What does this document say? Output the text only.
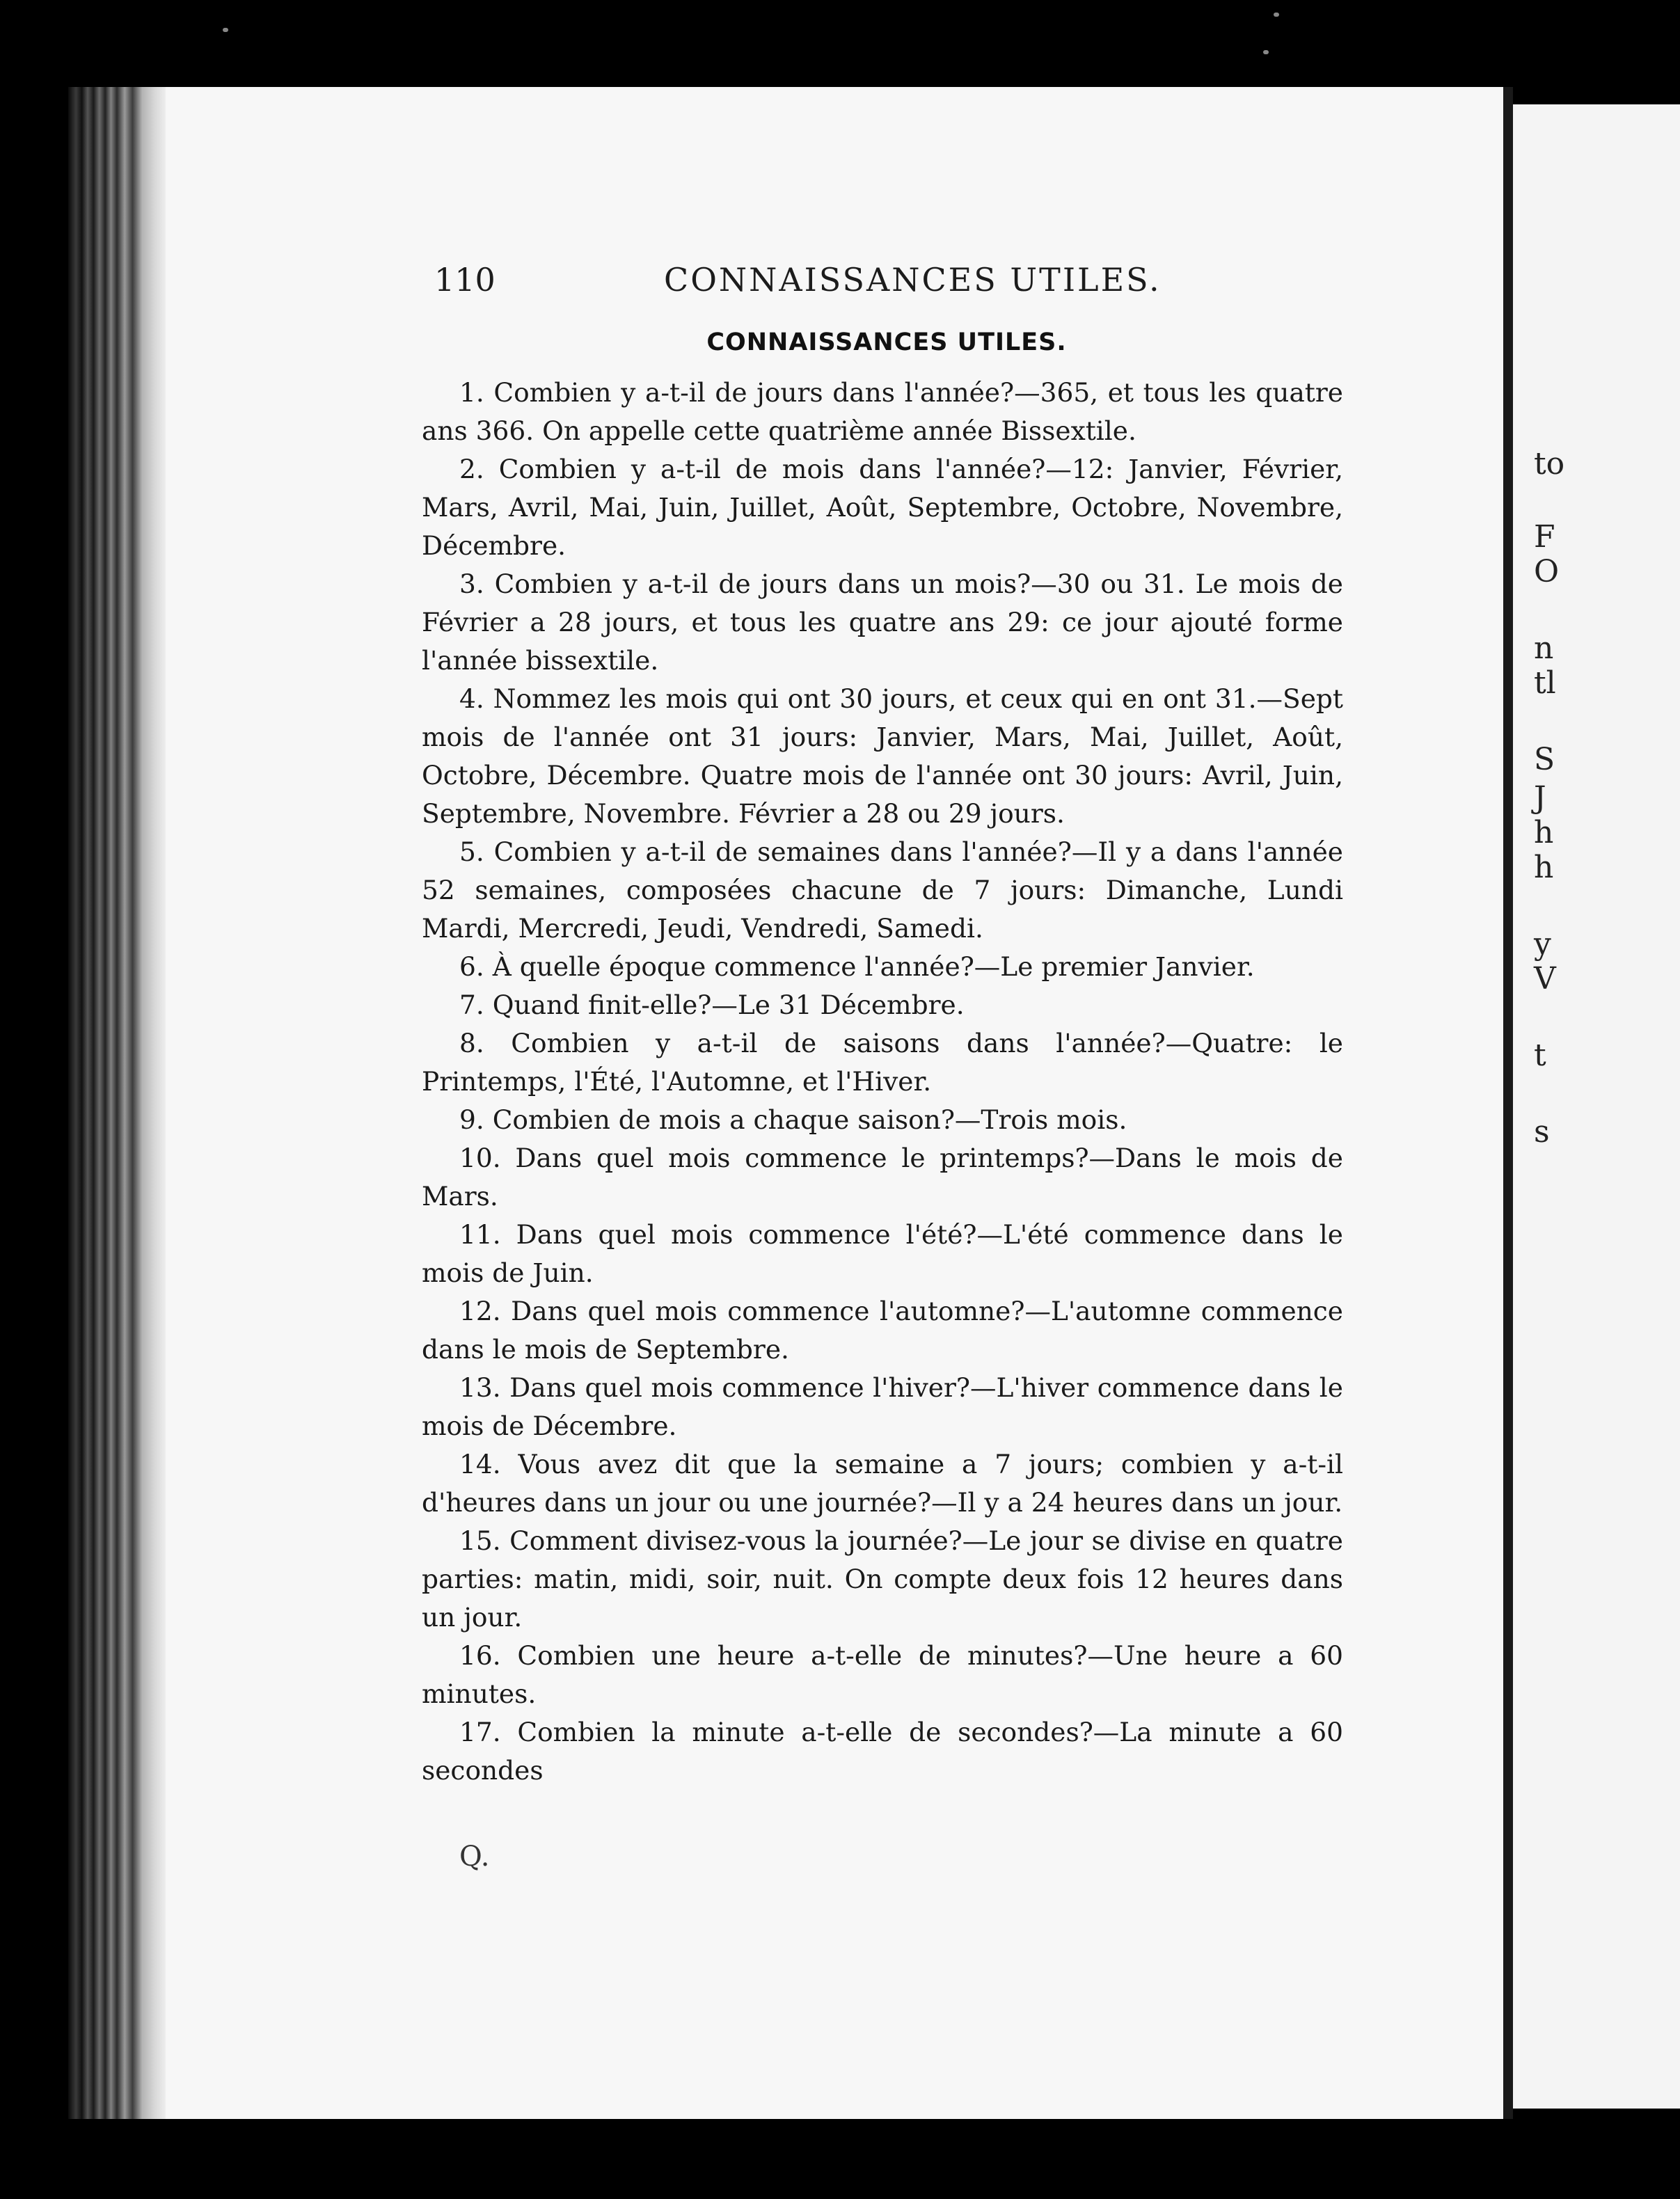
to
F
O
n
tl
S
J
h
h
y
V
t
s
110	CONNAISSANCES UTILES.
CONNAISSANCES UTILES.

1. Combien y a-t-il de jours dans l'année?—365, et tous les quatre ans 366. On appelle cette quatrième année Bissextile.

2. Combien y a-t-il de mois dans l'année?—12: Janvier, Février, Mars, Avril, Mai, Juin, Juillet, Août, Septembre, Octobre, Novembre, Décembre.

3. Combien y a-t-il de jours dans un mois?—30 ou 31. Le mois de Février a 28 jours, et tous les quatre ans 29: ce jour ajouté forme l'année bissextile.

4. Nommez les mois qui ont 30 jours, et ceux qui en ont 31.—Sept mois de l'année ont 31 jours: Janvier, Mars, Mai, Juillet, Août, Octobre, Décembre. Quatre mois de l'année ont 30 jours: Avril, Juin, Septembre, Novembre. Février a 28 ou 29 jours.

5. Combien y a-t-il de semaines dans l'année?—Il y a dans l'année 52 semaines, composées chacune de 7 jours: Dimanche, Lundi Mardi, Mercredi, Jeudi, Vendredi, Samedi.

6. À quelle époque commence l'année?—Le premier Janvier.

7. Quand finit-elle?—Le 31 Décembre.

8. Combien y a-t-il de saisons dans l'année?—Quatre: le Printemps, l'Été, l'Automne, et l'Hiver.

9. Combien de mois a chaque saison?—Trois mois.

10. Dans quel mois commence le printemps?—Dans le mois de Mars.

11. Dans quel mois commence l'été?—L'été commence dans le mois de Juin.

12. Dans quel mois commence l'automne?—L'automne commence dans le mois de Septembre.

13. Dans quel mois commence l'hiver?—L'hiver commence dans le mois de Décembre.

14. Vous avez dit que la semaine a 7 jours; combien y a-t-il d'heures dans un jour ou une journée?—Il y a 24 heures dans un jour.

15. Comment divisez-vous la journée?—Le jour se divise en quatre parties: matin, midi, soir, nuit. On compte deux fois 12 heures dans un jour.

16. Combien une heure a-t-elle de minutes?—Une heure a 60 minutes.

17. Combien la minute a-t-elle de secondes?—La minute a 60 secondes

Q.
